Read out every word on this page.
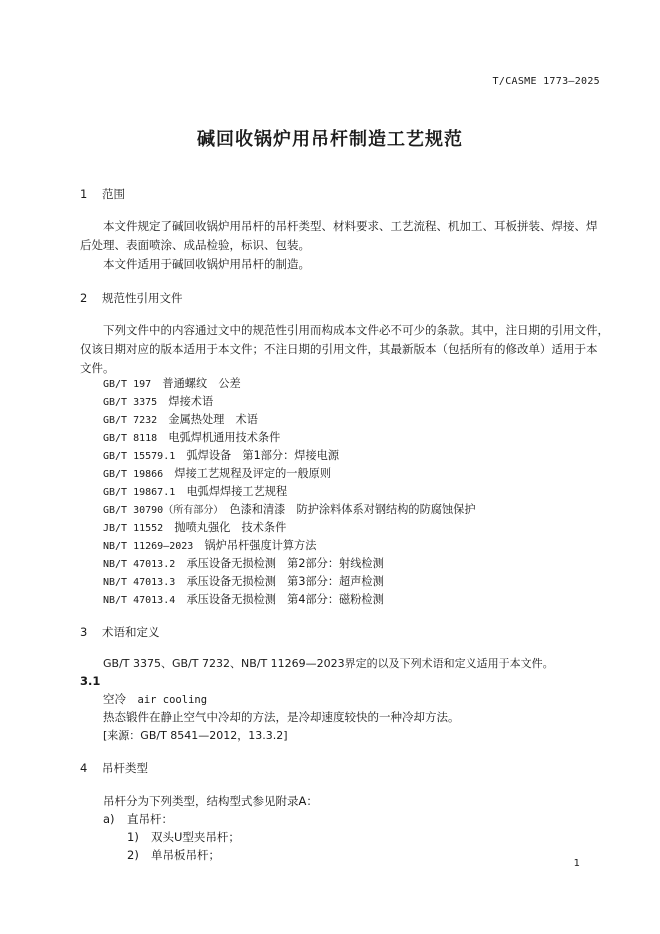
T/CASME 1773—2025
碱回收锅炉用吊杆制造工艺规范
1 范围
本文件规定了碱回收锅炉用吊杆的吊杆类型、材料要求、工艺流程、机加工、耳板拼装、焊接、焊
后处理、表面喷涂、成品检验，标识、包装。
本文件适用于碱回收锅炉用吊杆的制造。
2 规范性引用文件
下列文件中的内容通过文中的规范性引用而构成本文件必不可少的条款。其中，注日期的引用文件，
仅该日期对应的版本适用于本文件；不注日期的引用文件，其最新版本（包括所有的修改单）适用于本
文件。
GB/T 197　 普通螺纹　公差
GB/T 3375　 焊接术语
GB/T 7232　 金属热处理　术语
GB/T 8118　 电弧焊机通用技术条件
GB/T 15579.1　 弧焊设备　第1部分：焊接电源
GB/T 19866　 焊接工艺规程及评定的一般原则
GB/T 19867.1　 电弧焊焊接工艺规程
GB/T 30790（所有部分）　 色漆和清漆　防护涂料体系对钢结构的防腐蚀保护
JB/T 11552　 抛喷丸强化　技术条件
NB/T 11269—2023　 锅炉吊杆强度计算方法
NB/T 47013.2　 承压设备无损检测　第2部分：射线检测
NB/T 47013.3　 承压设备无损检测　第3部分：超声检测
NB/T 47013.4　 承压设备无损检测　第4部分：磁粉检测
3 术语和定义
GB/T 3375、GB/T 7232、NB/T 11269—2023界定的以及下列术语和定义适用于本文件。
3.1
空冷　 air cooling
热态锻件在静止空气中冷却的方法，是冷却速度较快的一种冷却方法。
[来源：GB/T 8541—2012，13.3.2]
4 吊杆类型
吊杆分为下列类型，结构型式参见附录A：
a) 直吊杆：
1) 双头U型夹吊杆；
2) 单吊板吊杆；
1
